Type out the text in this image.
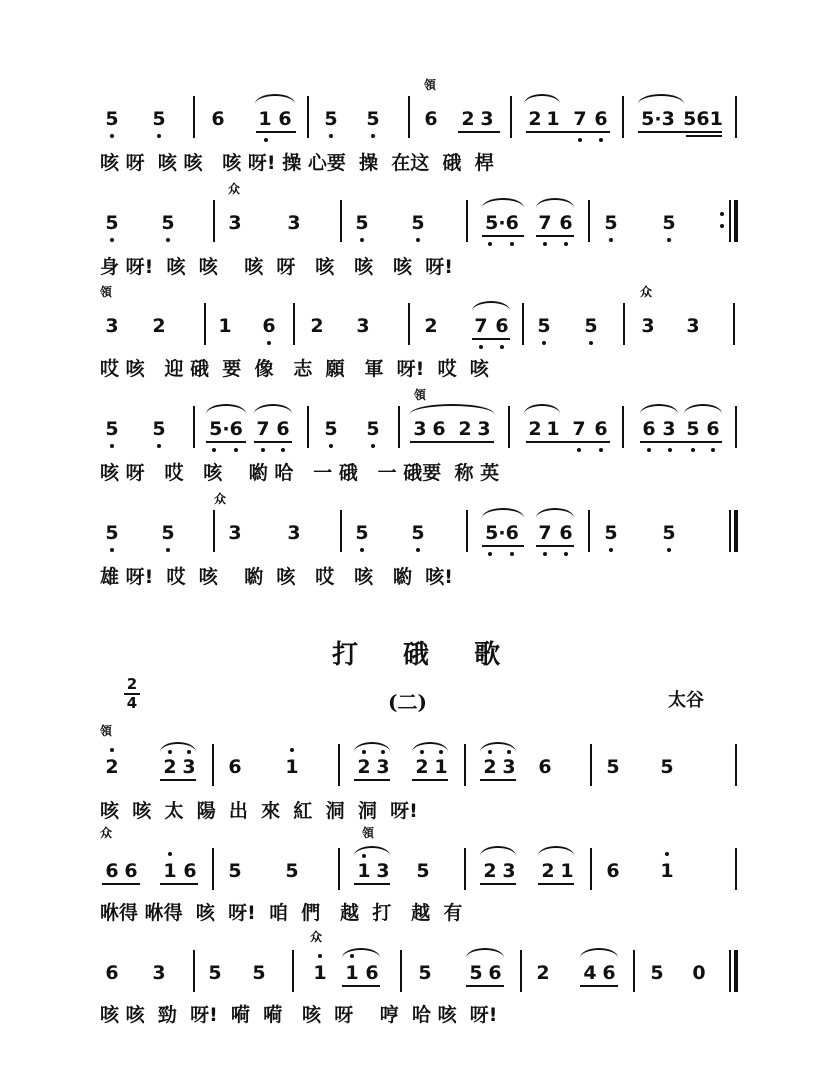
領
5	5	6	1 6	5	5	6	2 3	2 1 7 6	5·3 561
咳 呀  咳 咳   咳 呀! 操 心要  操  在这  硪  桿
众
5	5	3	3	5	5	5·6	7 6	5	5
身 呀!  咳  咳    咳  呀   咳   咳   咳  呀!
領	众
3	2	1	6	2	3	2	7 6	5	5	3	3
哎 咳   迎 硪  要  像   志  願   軍  呀!  哎  咳
領
5	5	5·6 7 6	5	5	3 6 2 3	2 1 7 6	6 3 5 6
咳 呀   哎   咳    喲 哈   一 硪   一 硪要  称 英
众
5	5	3	3	5	5	5·6	7 6	5	5
雄 呀!  哎  咳    喲  咳   哎   咳   喲  咳!
打 硪 歌
2
4	(二)	太谷
領
2	2 3	6	1	2 3	2 1	2 3	6	5	5
咳  咳  太  陽  出  來  紅  洞  洞  呀!
众	領
6 6	1 6	5	5	1 3	5	2 3	2 1	6	1
咻得 咻得  咳  呀!  咱  們   越  打   越  有
众
6	3	5	5	1 1 6	5	5 6	2	4 6	5	0
咳 咳  勁  呀!  嗬  嗬   咳  呀    哼  哈 咳  呀!
